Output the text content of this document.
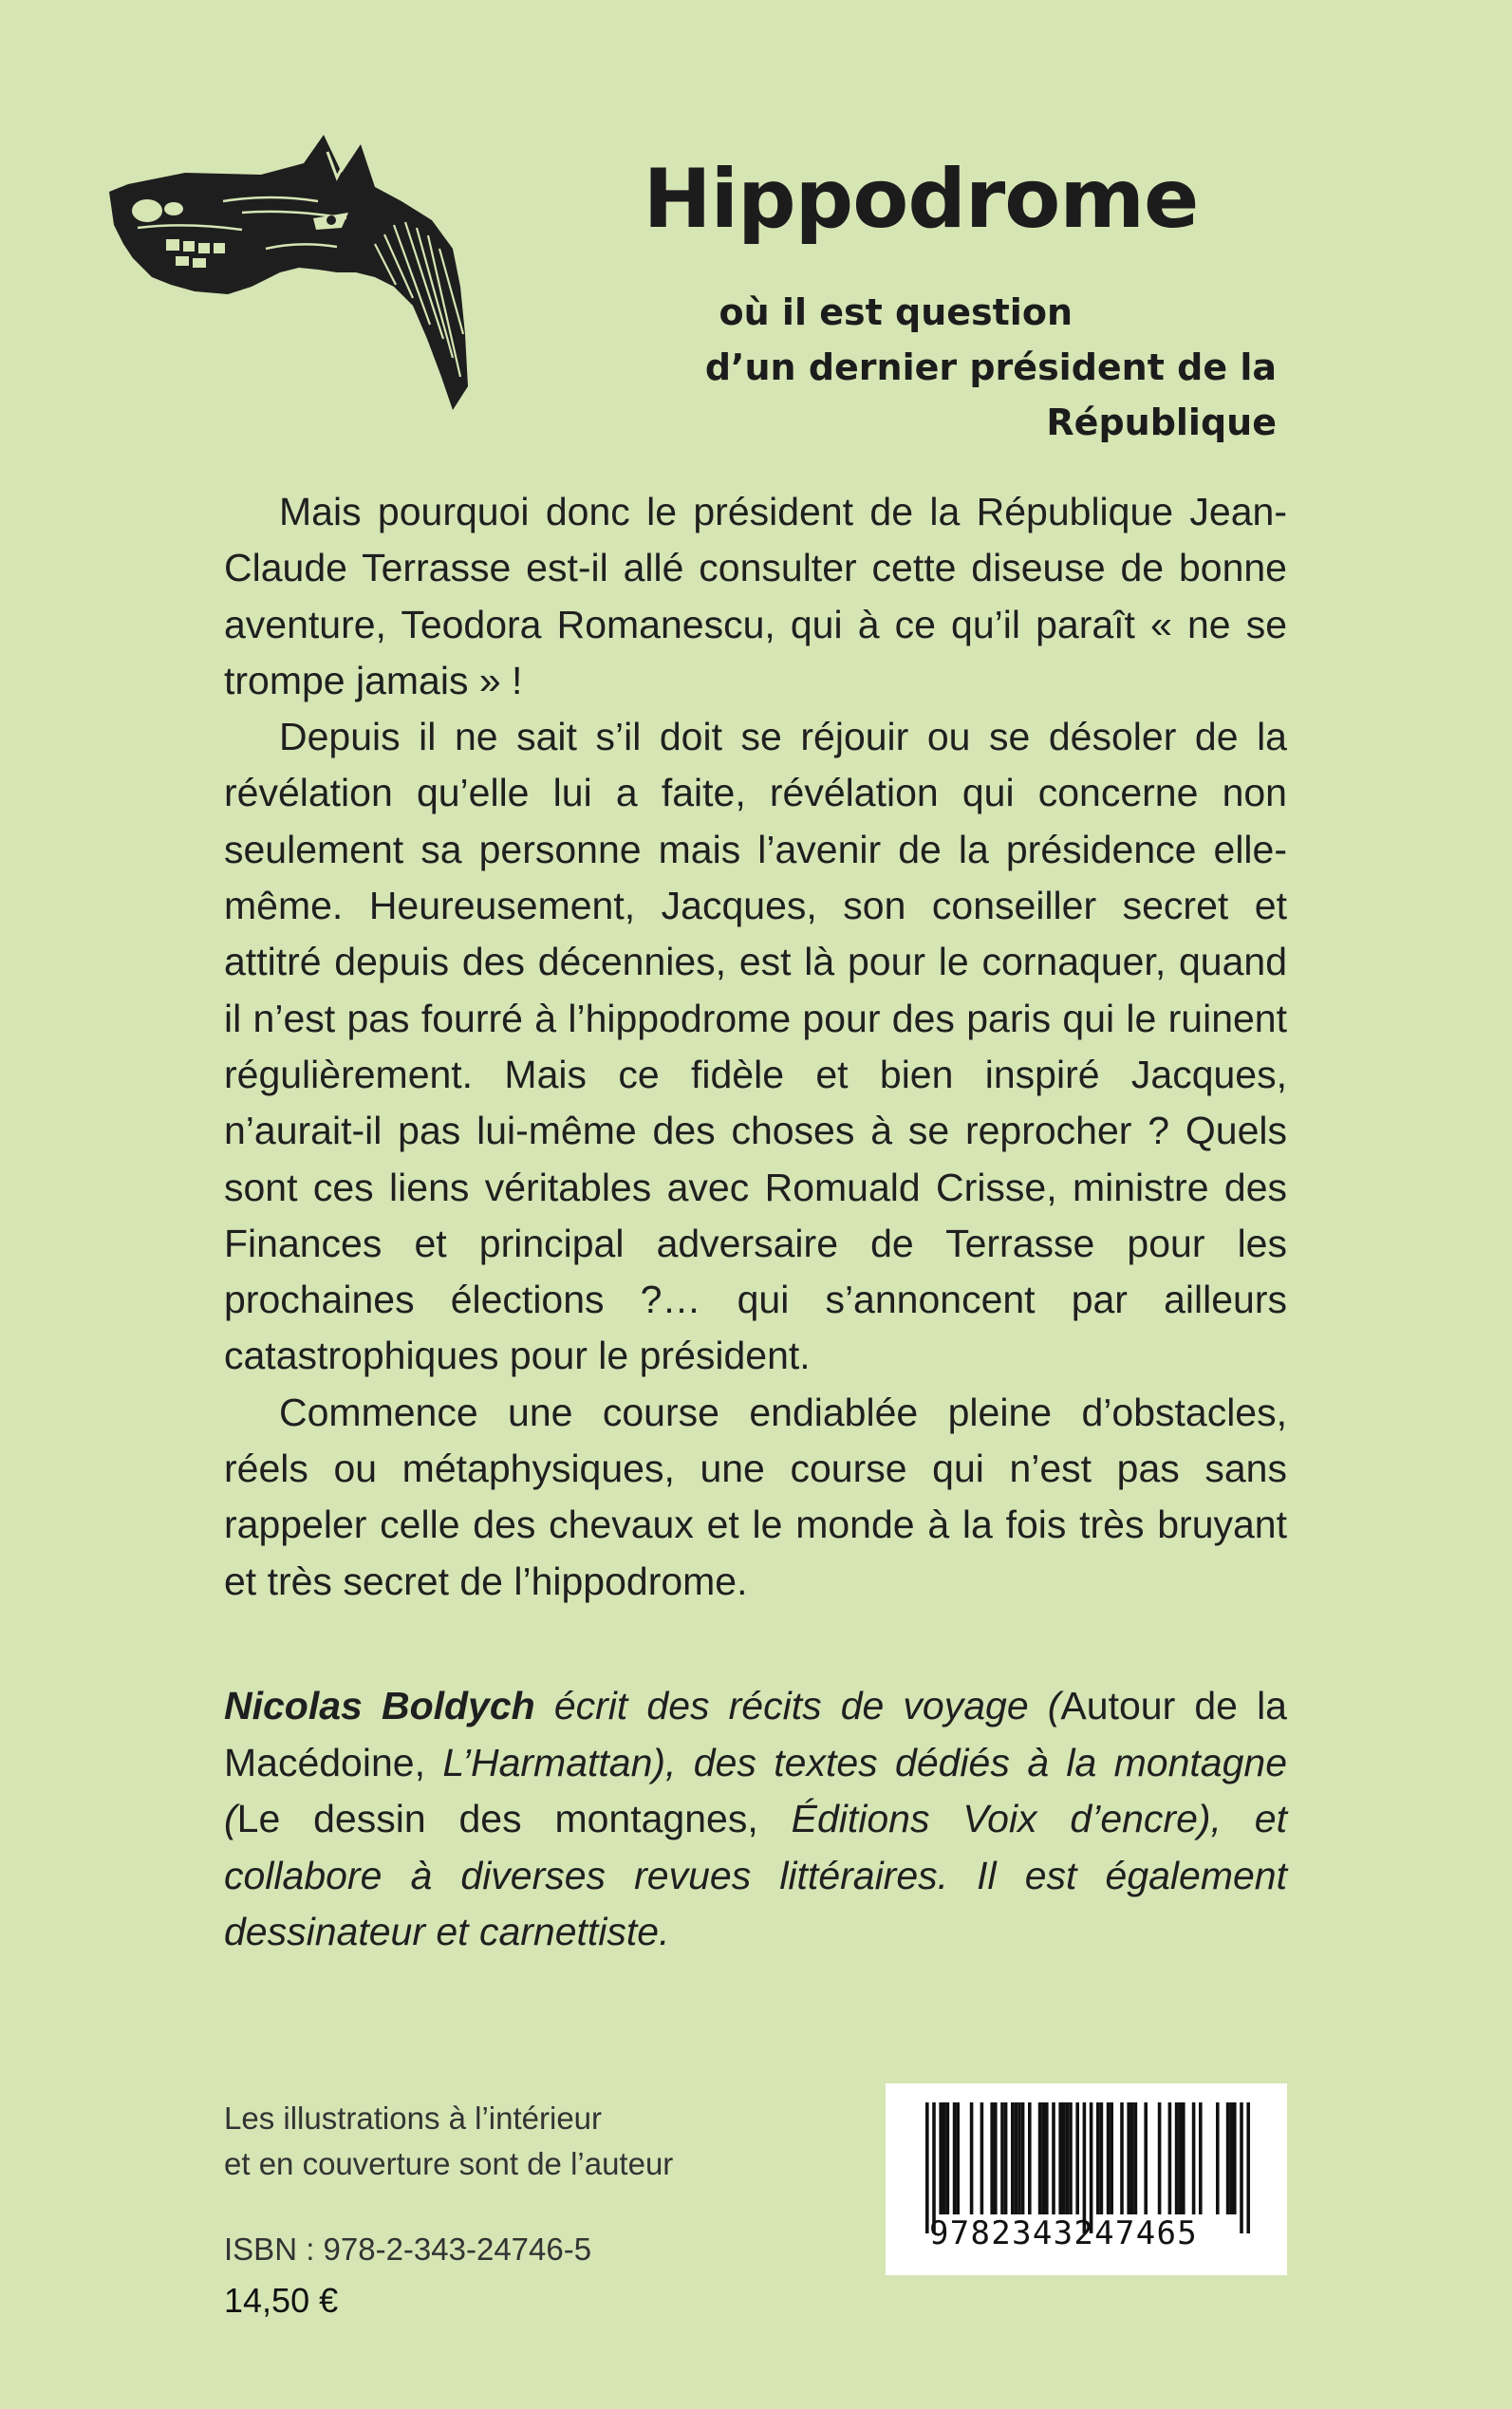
Hippodrome
où il est question
d’un dernier président de la République

Mais pourquoi donc le président de la République Jean-Claude Terrasse est-il allé consulter cette diseuse de bonne aventure, Teodora Romanescu, qui à ce qu’il paraît « ne se trompe jamais » !

Depuis il ne sait s’il doit se réjouir ou se désoler de la révélation qu’elle lui a faite, révélation qui concerne non seulement sa personne mais l’avenir de la présidence elle-même. Heureusement, Jacques, son conseiller secret et attitré depuis des décennies, est là pour le cornaquer, quand il n’est pas fourré à l’hippodrome pour des paris qui le ruinent régulièrement. Mais ce fidèle et bien inspiré Jacques, n’aurait-il pas lui-même des choses à se reprocher ? Quels sont ces liens véritables avec Romuald Crisse, ministre des Finances et principal adversaire de Terrasse pour les prochaines élections ?… qui s’annoncent par ailleurs catastrophiques pour le président.

Commence une course endiablée pleine d’obstacles, réels ou métaphysiques, une course qui n’est pas sans rappeler celle des chevaux et le monde à la fois très bruyant et très secret de l’hippodrome.

Nicolas Boldych écrit des récits de voyage (Autour de la Macédoine, L’Harmattan), des textes dédiés à la montagne (Le dessin des montagnes, Éditions Voix d’encre), et collabore à diverses revues littéraires. Il est également dessinateur et carnettiste.

Les illustrations à l’intérieur
et en couverture sont de l’auteur
ISBN : 978-2-343-24746-5
14,50 €
9782343247465
